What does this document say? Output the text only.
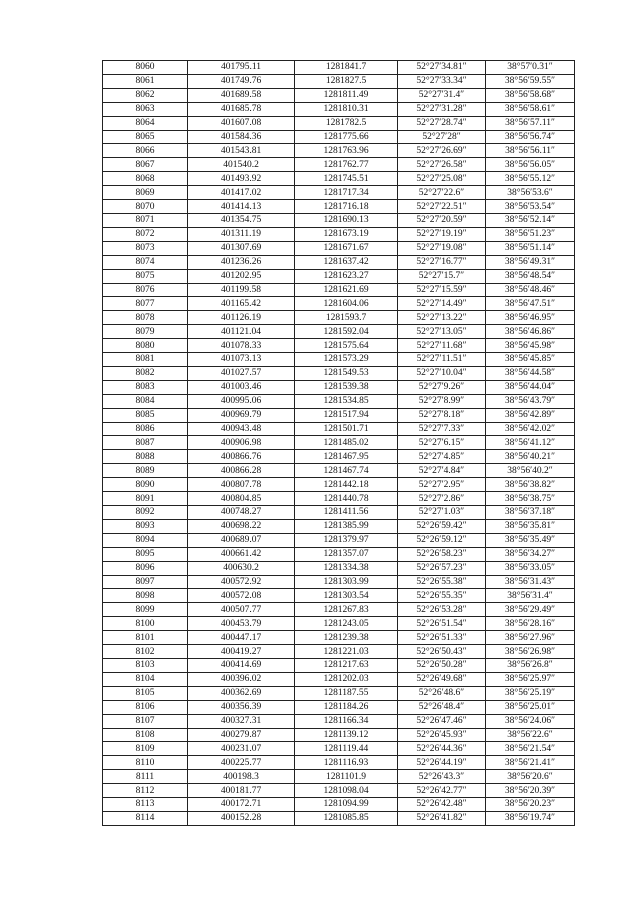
8060	401795.11	1281841.7	52°27′34.81″	38°57′0.31″
8061	401749.76	1281827.5	52°27′33.34″	38°56′59.55″
8062	401689.58	1281811.49	52°27′31.4″	38°56′58.68″
8063	401685.78	1281810.31	52°27′31.28″	38°56′58.61″
8064	401607.08	1281782.5	52°27′28.74″	38°56′57.11″
8065	401584.36	1281775.66	52°27′28″	38°56′56.74″
8066	401543.81	1281763.96	52°27′26.69″	38°56′56.11″
8067	401540.2	1281762.77	52°27′26.58″	38°56′56.05″
8068	401493.92	1281745.51	52°27′25.08″	38°56′55.12″
8069	401417.02	1281717.34	52°27′22.6″	38°56′53.6″
8070	401414.13	1281716.18	52°27′22.51″	38°56′53.54″
8071	401354.75	1281690.13	52°27′20.59″	38°56′52.14″
8072	401311.19	1281673.19	52°27′19.19″	38°56′51.23″
8073	401307.69	1281671.67	52°27′19.08″	38°56′51.14″
8074	401236.26	1281637.42	52°27′16.77″	38°56′49.31″
8075	401202.95	1281623.27	52°27′15.7″	38°56′48.54″
8076	401199.58	1281621.69	52°27′15.59″	38°56′48.46″
8077	401165.42	1281604.06	52°27′14.49″	38°56′47.51″
8078	401126.19	1281593.7	52°27′13.22″	38°56′46.95″
8079	401121.04	1281592.04	52°27′13.05″	38°56′46.86″
8080	401078.33	1281575.64	52°27′11.68″	38°56′45.98″
8081	401073.13	1281573.29	52°27′11.51″	38°56′45.85″
8082	401027.57	1281549.53	52°27′10.04″	38°56′44.58″
8083	401003.46	1281539.38	52°27′9.26″	38°56′44.04″
8084	400995.06	1281534.85	52°27′8.99″	38°56′43.79″
8085	400969.79	1281517.94	52°27′8.18″	38°56′42.89″
8086	400943.48	1281501.71	52°27′7.33″	38°56′42.02″
8087	400906.98	1281485.02	52°27′6.15″	38°56′41.12″
8088	400866.76	1281467.95	52°27′4.85″	38°56′40.21″
8089	400866.28	1281467.74	52°27′4.84″	38°56′40.2″
8090	400807.78	1281442.18	52°27′2.95″	38°56′38.82″
8091	400804.85	1281440.78	52°27′2.86″	38°56′38.75″
8092	400748.27	1281411.56	52°27′1.03″	38°56′37.18″
8093	400698.22	1281385.99	52°26′59.42″	38°56′35.81″
8094	400689.07	1281379.97	52°26′59.12″	38°56′35.49″
8095	400661.42	1281357.07	52°26′58.23″	38°56′34.27″
8096	400630.2	1281334.38	52°26′57.23″	38°56′33.05″
8097	400572.92	1281303.99	52°26′55.38″	38°56′31.43″
8098	400572.08	1281303.54	52°26′55.35″	38°56′31.4″
8099	400507.77	1281267.83	52°26′53.28″	38°56′29.49″
8100	400453.79	1281243.05	52°26′51.54″	38°56′28.16″
8101	400447.17	1281239.38	52°26′51.33″	38°56′27.96″
8102	400419.27	1281221.03	52°26′50.43″	38°56′26.98″
8103	400414.69	1281217.63	52°26′50.28″	38°56′26.8″
8104	400396.02	1281202.03	52°26′49.68″	38°56′25.97″
8105	400362.69	1281187.55	52°26′48.6″	38°56′25.19″
8106	400356.39	1281184.26	52°26′48.4″	38°56′25.01″
8107	400327.31	1281166.34	52°26′47.46″	38°56′24.06″
8108	400279.87	1281139.12	52°26′45.93″	38°56′22.6″
8109	400231.07	1281119.44	52°26′44.36″	38°56′21.54″
8110	400225.77	1281116.93	52°26′44.19″	38°56′21.41″
8111	400198.3	1281101.9	52°26′43.3″	38°56′20.6″
8112	400181.77	1281098.04	52°26′42.77″	38°56′20.39″
8113	400172.71	1281094.99	52°26′42.48″	38°56′20.23″
8114	400152.28	1281085.85	52°26′41.82″	38°56′19.74″
